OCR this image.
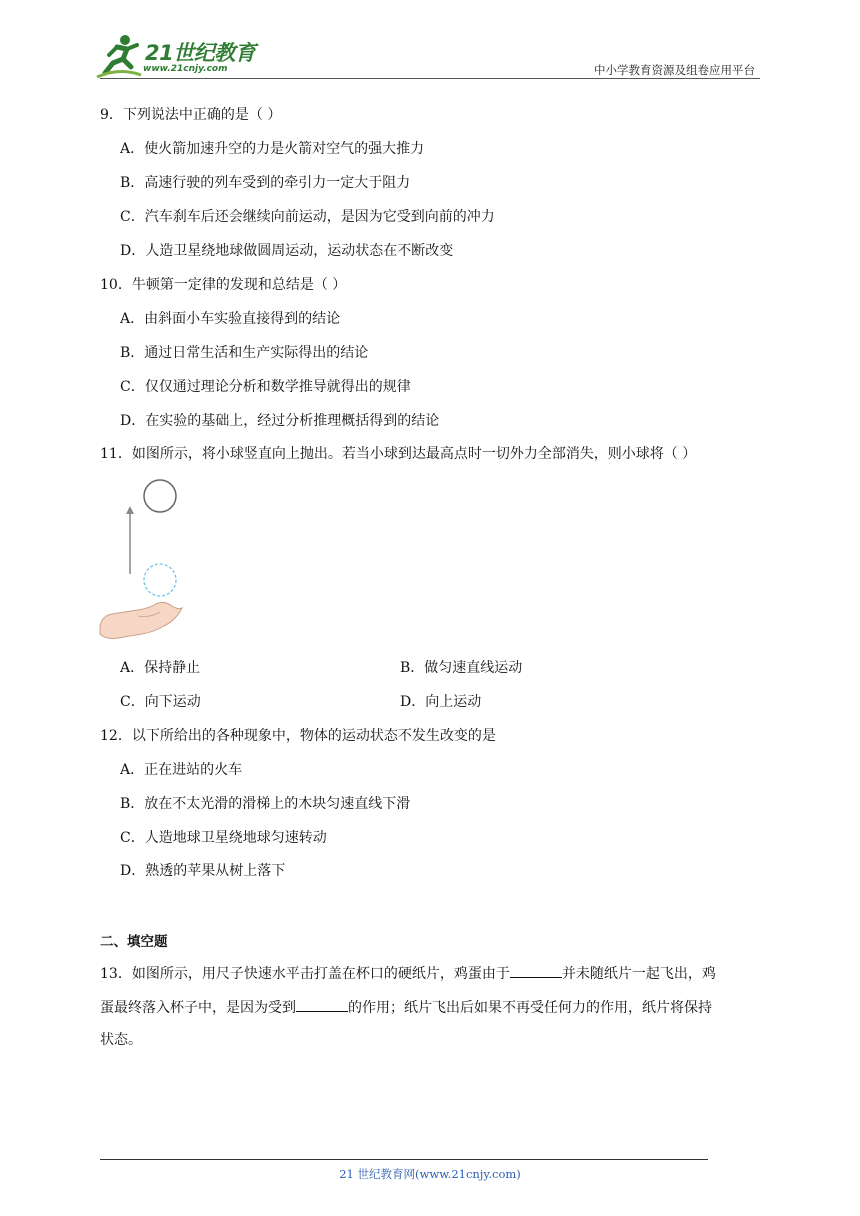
21世纪教育
www.21cnjy.com	中小学教育资源及组卷应用平台
9．下列说法中正确的是（ ）
A．使火箭加速升空的力是火箭对空气的强大推力
B．高速行驶的列车受到的牵引力一定大于阻力
C．汽车刹车后还会继续向前运动，是因为它受到向前的冲力
D．人造卫星绕地球做圆周运动，运动状态在不断改变
10．牛顿第一定律的发现和总结是（ ）
A．由斜面小车实验直接得到的结论
B．通过日常生活和生产实际得出的结论
C．仅仅通过理论分析和数学推导就得出的规律
D．在实验的基础上，经过分析推理概括得到的结论
11．如图所示，将小球竖直向上抛出。若当小球到达最高点时一切外力全部消失，则小球将（ ）
A．保持静止	B．做匀速直线运动
C．向下运动	D．向上运动
12．以下所给出的各种现象中，物体的运动状态不发生改变的是
A．正在进站的火车
B．放在不太光滑的滑梯上的木块匀速直线下滑
C．人造地球卫星绕地球匀速转动
D．熟透的苹果从树上落下
二、填空题
13．如图所示，用尺子快速水平击打盖在杯口的硬纸片，鸡蛋由于	并未随纸片一起飞出，鸡
蛋最终落入杯子中，是因为受到	的作用；纸片飞出后如果不再受任何力的作用，纸片将保持
状态。
21 世纪教育网(www.21cnjy.com)
